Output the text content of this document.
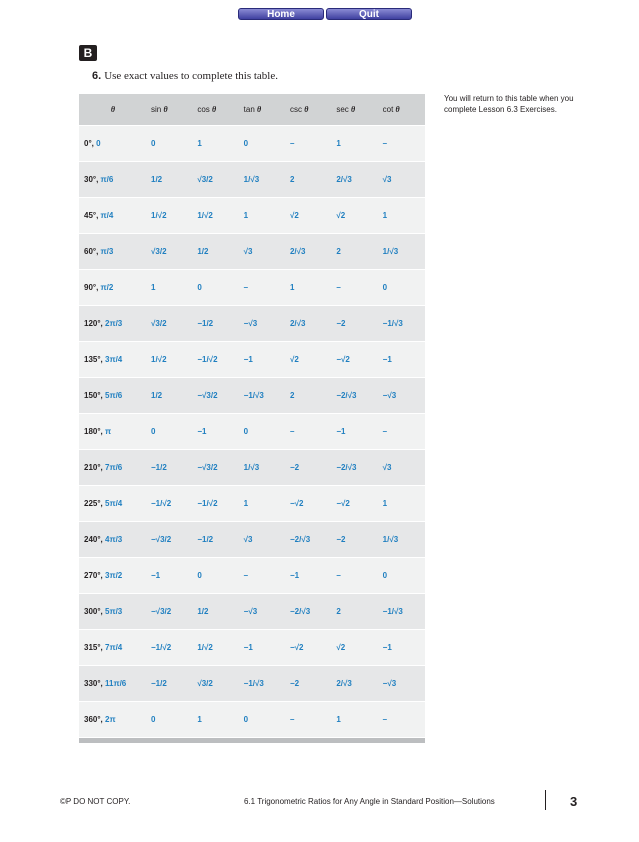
Home	Quit
B
6. Use exact values to complete this table.
You will return to this table when you complete Lesson 6.3 Exercises.
θ	sin θ	cos θ	tan θ	csc θ	sec θ	cot θ
0°, 0	0	1	0	–	1	–
30°, π/6	1/2	√3/2	1/√3	2	2/√3	√3
45°, π/4	1/√2	1/√2	1	√2	√2	1
60°, π/3	√3/2	1/2	√3	2/√3	2	1/√3
90°, π/2	1	0	–	1	–	0
120°, 2π/3	√3/2	−1/2	−√3	2/√3	−2	−1/√3
135°, 3π/4	1/√2	−1/√2	−1	√2	−√2	−1
150°, 5π/6	1/2	−√3/2	−1/√3	2	−2/√3	−√3
180°, π	0	−1	0	–	−1	–
210°, 7π/6	−1/2	−√3/2	1/√3	−2	−2/√3	√3
225°, 5π/4	−1/√2	−1/√2	1	−√2	−√2	1
240°, 4π/3	−√3/2	−1/2	√3	−2/√3	−2	1/√3
270°, 3π/2	−1	0	–	−1	–	0
300°, 5π/3	−√3/2	1/2	−√3	−2/√3	2	−1/√3
315°, 7π/4	−1/√2	1/√2	−1	−√2	√2	−1
330°, 11π/6	−1/2	√3/2	−1/√3	−2	2/√3	−√3
360°, 2π	0	1	0	–	1	–
©P DO NOT COPY.	6.1 Trigonometric Ratios for Any Angle in Standard Position—Solutions	3
